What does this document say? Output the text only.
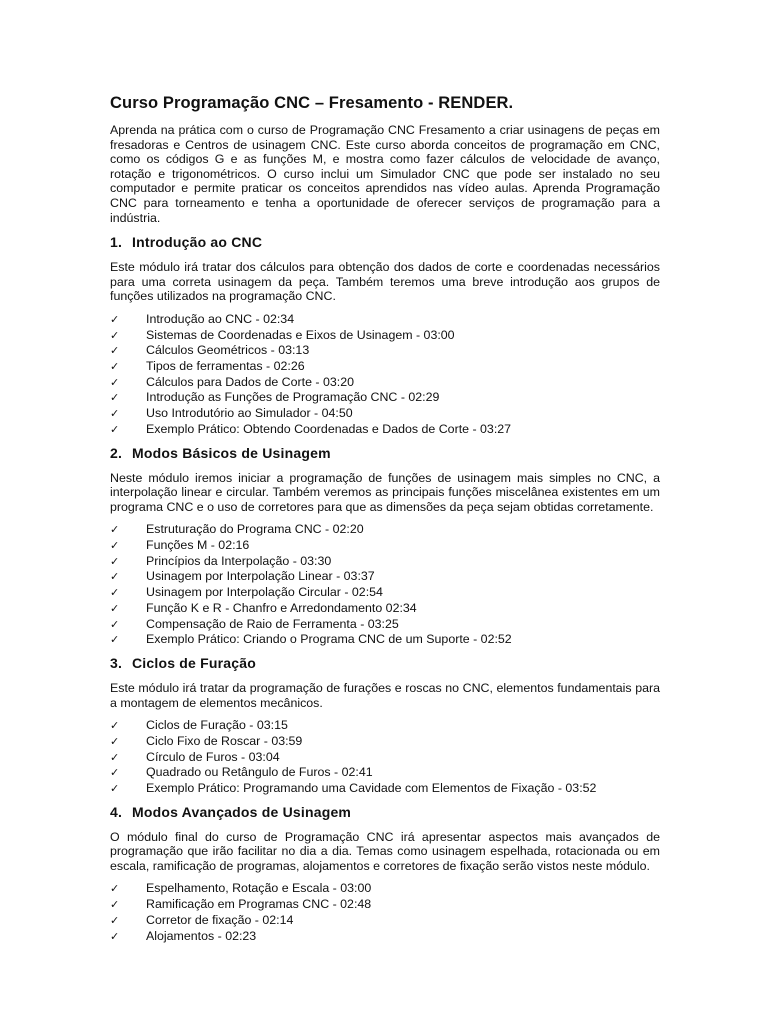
Curso Programação CNC – Fresamento - RENDER.

Aprenda na prática com o curso de Programação CNC Fresamento a criar usinagens de peças em fresadoras e Centros de usinagem CNC. Este curso aborda conceitos de programação em CNC, como os códigos G e as funções M, e mostra como fazer cálculos de velocidade de avanço, rotação e trigonométricos. O curso inclui um Simulador CNC que pode ser instalado no seu computador e permite praticar os conceitos aprendidos nas vídeo aulas. Aprenda Programação CNC para torneamento e tenha a oportunidade de oferecer serviços de programação para a indústria.

1. Introdução ao CNC

Este módulo irá tratar dos cálculos para obtenção dos dados de corte e coordenadas necessários para uma correta usinagem da peça. Também teremos uma breve introdução aos grupos de funções utilizados na programação CNC.

✓	Introdução ao CNC - 02:34
✓	Sistemas de Coordenadas e Eixos de Usinagem - 03:00
✓	Cálculos Geométricos - 03:13
✓	Tipos de ferramentas - 02:26
✓	Cálculos para Dados de Corte - 03:20
✓	Introdução as Funções de Programação CNC - 02:29
✓	Uso Introdutório ao Simulador - 04:50
✓	Exemplo Prático: Obtendo Coordenadas e Dados de Corte - 03:27
2. Modos Básicos de Usinagem

Neste módulo iremos iniciar a programação de funções de usinagem mais simples no CNC, a interpolação linear e circular. Também veremos as principais funções miscelânea existentes em um programa CNC e o uso de corretores para que as dimensões da peça sejam obtidas corretamente.

✓	Estruturação do Programa CNC - 02:20
✓	Funções M - 02:16
✓	Princípios da Interpolação - 03:30
✓	Usinagem por Interpolação Linear - 03:37
✓	Usinagem por Interpolação Circular - 02:54
✓	Função K e R - Chanfro e Arredondamento 02:34
✓	Compensação de Raio de Ferramenta - 03:25
✓	Exemplo Prático: Criando o Programa CNC de um Suporte - 02:52
3. Ciclos de Furação

Este módulo irá tratar da programação de furações e roscas no CNC, elementos fundamentais para a montagem de elementos mecânicos.

✓	Ciclos de Furação - 03:15
✓	Ciclo Fixo de Roscar - 03:59
✓	Círculo de Furos - 03:04
✓	Quadrado ou Retângulo de Furos - 02:41
✓	Exemplo Prático: Programando uma Cavidade com Elementos de Fixação - 03:52
4. Modos Avançados de Usinagem

O módulo final do curso de Programação CNC irá apresentar aspectos mais avançados de programação que irão facilitar no dia a dia. Temas como usinagem espelhada, rotacionada ou em escala, ramificação de programas, alojamentos e corretores de fixação serão vistos neste módulo.

✓	Espelhamento, Rotação e Escala - 03:00
✓	Ramificação em Programas CNC - 02:48
✓	Corretor de fixação - 02:14
✓	Alojamentos - 02:23
